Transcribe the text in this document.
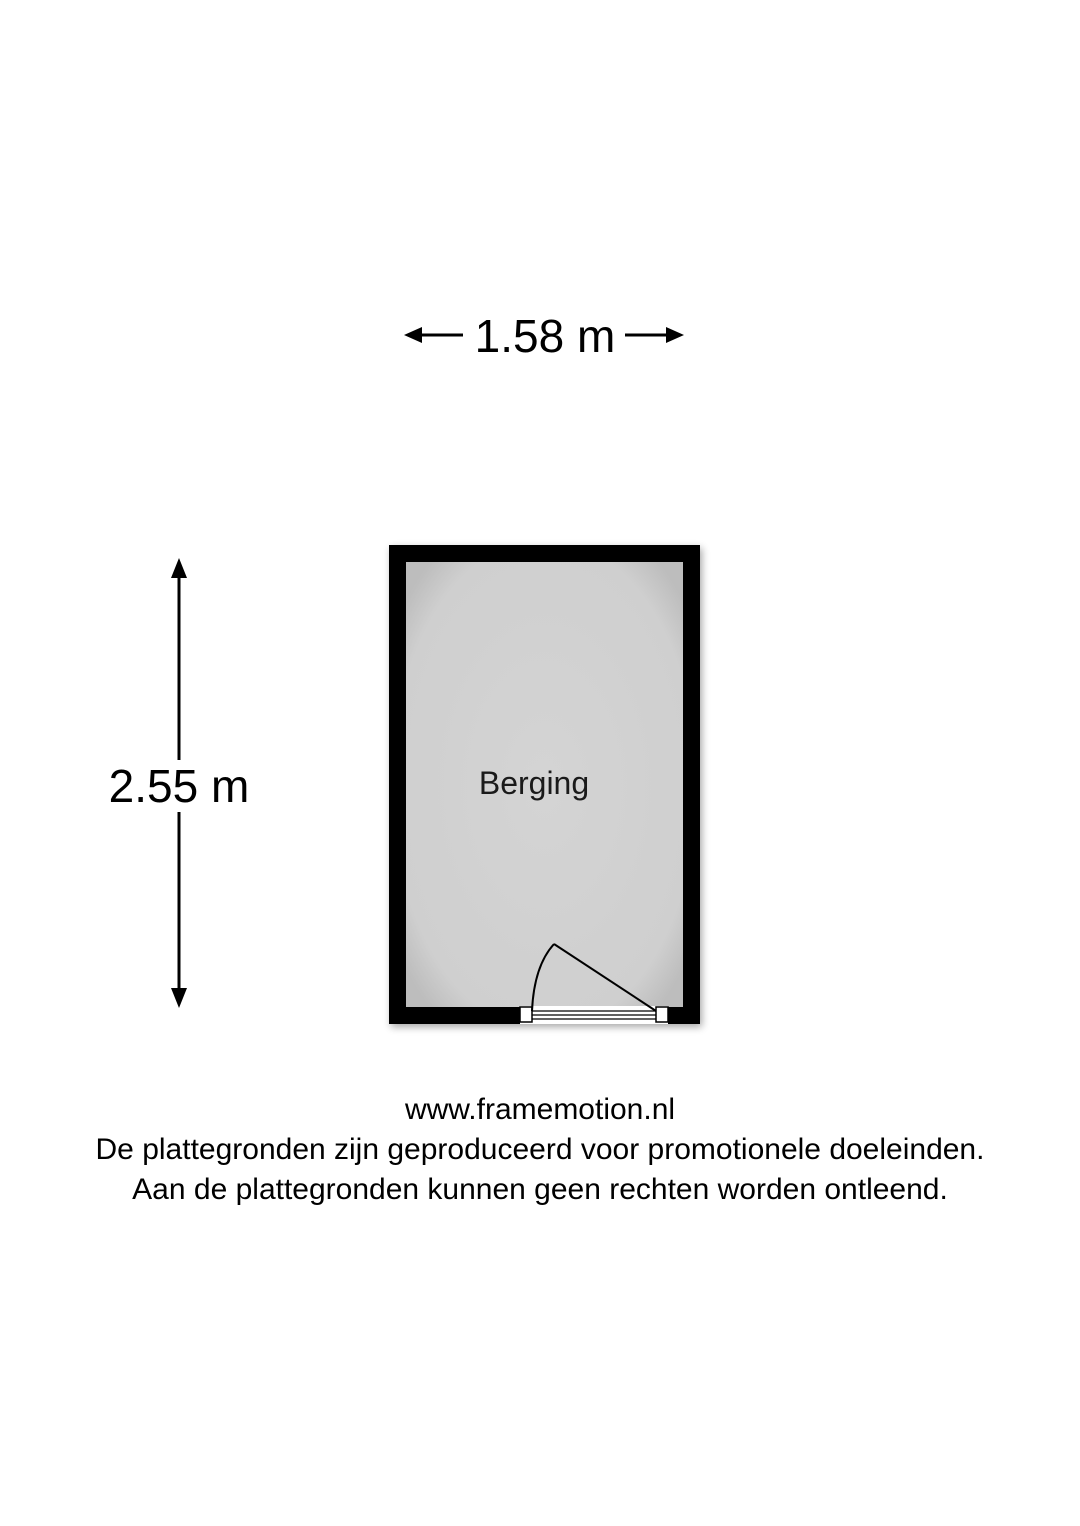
1.58 m
2.55 m	Berging
www.framemotion.nl
De plattegronden zijn geproduceerd voor promotionele doeleinden.
Aan de plattegronden kunnen geen rechten worden ontleend.
